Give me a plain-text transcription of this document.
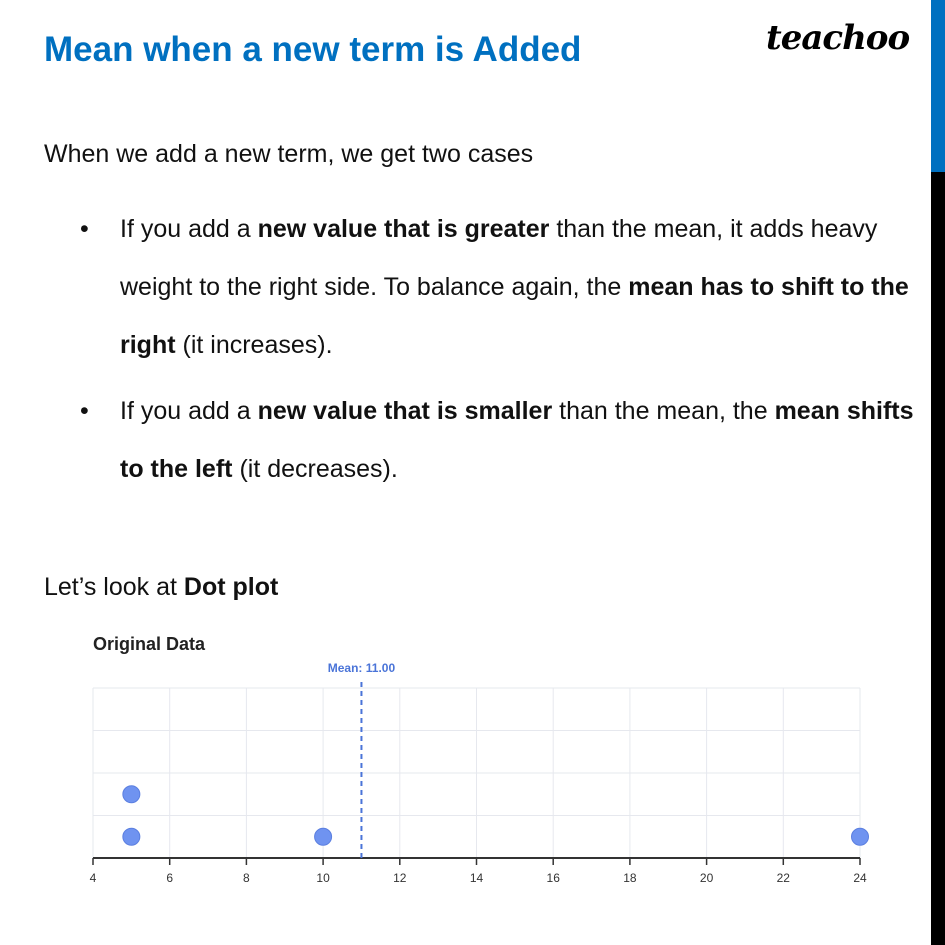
Mean when a new term is Added	teachoo
When we add a new term, we get two cases
• If you add a new value that is greater than the mean, it adds heavy weight to the right side. To balance again, the mean has to shift to the right (it increases).
• If you add a new value that is smaller than the mean, the mean shifts to the left (it decreases).
Let’s look at Dot plot
Original Data
4	6	8	10	12	14	16	18	20	22	24
Mean: 11.00
